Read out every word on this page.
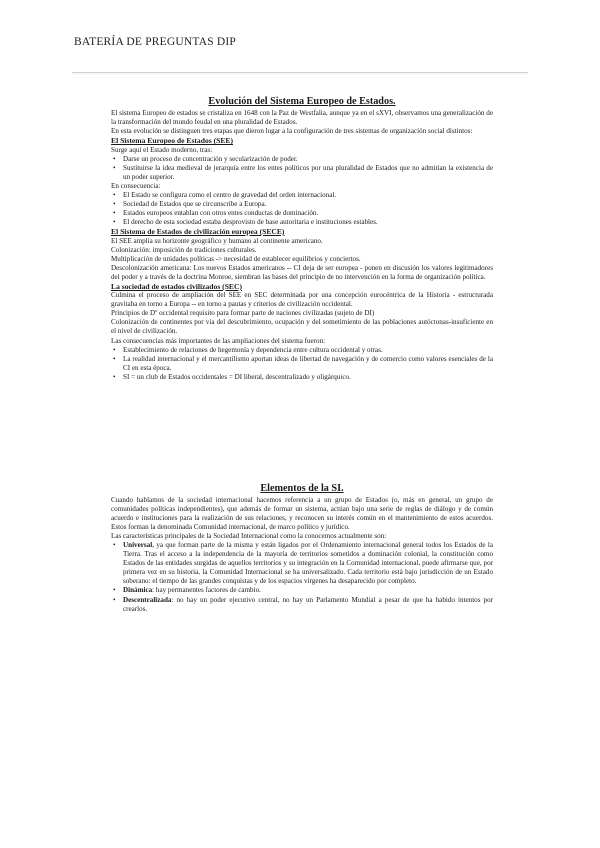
BATERÍA DE PREGUNTAS DIP
Evolución del Sistema Europeo de Estados.

El sistema Europeo de estados se cristaliza en 1648 con la Paz de Westfalia, aunque ya en el sXVI, observamos una generalización de la transformación del mundo feudal en una pluralidad de Estados.

En esta evolución se distinguen tres etapas que dieron lugar a la configuración de tres sistemas de organización social distintos:

El Sistema Europeo de Estados (SEE)

Surge aquí el Estado moderno, tras:

• Darse un proceso de concentración y secularización de poder.
• Sustituirse la idea medieval de jerarquía entre los entes políticos por una pluralidad de Estados que no admitían la existencia de un poder superior.

En consecuencia:

• El Estado se configura como el centro de gravedad del orden internacional.
• Sociedad de Estados que se circunscribe a Europa.
• Estados europeos entablan con otros entes conductas de dominación.
• El derecho de esta sociedad estaba desprovisto de base autoritaria e instituciones estables.
El Sistema de Estados de civilización europea (SECE)

El SEE amplía su horizonte geográfico y humano al continente americano.

Colonización: imposición de tradiciones culturales.

Multiplicación de unidades políticas -> necesidad de establecer equilibrios y conciertos.

Descolonización americana: Los nuevos Estados americanos -- CI deja de ser europea - ponen en discusión los valores legitimadores del poder y a través de la doctrina Monroe, siembran las bases del principio de no intervención en la forma de organización política.

La sociedad de estados civilizados (SEC)

Culmina el proceso de ampliación del SEE en SEC determinada por una concepción eurocéntrica de la Historia - estructurada gravitaba en torno a Europa -- en torno a pautas y criterios de civilización occidental.

Principios de Dº occidental requisito para formar parte de naciones civilizadas (sujeto de DI)

Colonización de continentes por vía del descubrimiento, ocupación y del sometimiento de las poblaciones autóctonas-insuficiente en el nivel de civilización.

Las consecuencias más importantes de las ampliaciones del sistema fueron:

• Establecimiento de relaciones de hegemonía y dependencia entre cultura occidental y otras.
• La realidad internacional y el mercantilismo aportan ideas de libertad de navegación y de comercio como valores esenciales de la CI en esta época.
• SI = un club de Estados occidentales = DI liberal, descentralizado y oligárquico.
Elementos de la SI.

Cuando hablamos de la sociedad internacional hacemos referencia a un grupo de Estados (o, más en general, un grupo de comunidades políticas independientes), que además de formar un sistema, actúan bajo una serie de reglas de diálogo y de común acuerdo e instituciones para la realización de sus relaciones, y reconocen su interés común en el mantenimiento de estos acuerdos. Estos forman la denominada Comunidad internacional, de marco político y jurídico.

Las características principales de la Sociedad Internacional como la conocemos actualmente son:

• Universal, ya que forman parte de la misma y están ligados por el Ordenamiento internacional general todos los Estados de la Tierra. Tras el acceso a la independencia de la mayoría de territorios sometidos a dominación colonial, la constitución como Estados de las entidades surgidas de aquellos territorios y su integración en la Comunidad internacional, puede afirmarse que, por primera vez en su historia, la Comunidad Internacional se ha universalizado. Cada territorio está bajo jurisdicción de un Estado soberano: el tiempo de las grandes conquistas y de los espacios vírgenes ha desaparecido por completo.
• Dinámica: hay permanentes factores de cambio.
• Descentralizada: no hay un poder ejecutivo central, no hay un Parlamento Mundial a pesar de que ha habido intentos por crearlos.
